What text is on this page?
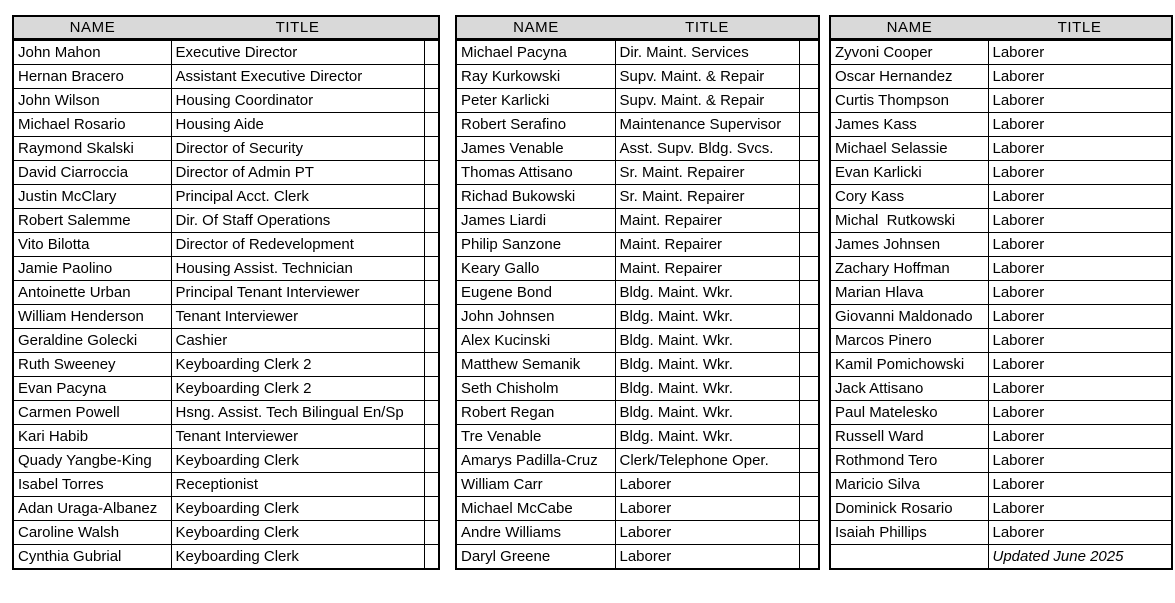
NAME	TITLE	
John Mahon	Executive Director	
Hernan Bracero	Assistant Executive Director	
John Wilson	Housing Coordinator	
Michael Rosario	Housing Aide	
Raymond Skalski	Director of Security	
David Ciarroccia	Director of Admin PT	
Justin McClary	Principal Acct. Clerk	
Robert Salemme	Dir. Of Staff Operations	
Vito Bilotta	Director of Redevelopment	
Jamie Paolino	Housing Assist. Technician	
Antoinette Urban	Principal Tenant Interviewer	
William Henderson	Tenant Interviewer	
Geraldine Golecki	Cashier	
Ruth Sweeney	Keyboarding Clerk 2	
Evan Pacyna	Keyboarding Clerk 2	
Carmen Powell	Hsng. Assist. Tech Bilingual En/Sp	
Kari Habib	Tenant Interviewer	
Quady Yangbe-King	Keyboarding Clerk	
Isabel Torres	Receptionist	
Adan Uraga-Albanez	Keyboarding Clerk	
Caroline Walsh	Keyboarding Clerk	
Cynthia Gubrial	Keyboarding Clerk	
NAME	TITLE	
Michael Pacyna	Dir. Maint. Services	
Ray Kurkowski	Supv. Maint. & Repair	
Peter Karlicki	Supv. Maint. & Repair	
Robert Serafino	Maintenance Supervisor	
James Venable	Asst. Supv. Bldg. Svcs.	
Thomas Attisano	Sr. Maint. Repairer	
Richad Bukowski	Sr. Maint. Repairer	
James Liardi	Maint. Repairer	
Philip Sanzone	Maint. Repairer	
Keary Gallo	Maint. Repairer	
Eugene Bond	Bldg. Maint. Wkr.	
John Johnsen	Bldg. Maint. Wkr.	
Alex Kucinski	Bldg. Maint. Wkr.	
Matthew Semanik	Bldg. Maint. Wkr.	
Seth Chisholm	Bldg. Maint. Wkr.	
Robert Regan	Bldg. Maint. Wkr.	
Tre Venable	Bldg. Maint. Wkr.	
Amarys Padilla-Cruz	Clerk/Telephone Oper.	
William Carr	Laborer	
Michael McCabe	Laborer	
Andre Williams	Laborer	
Daryl Greene	Laborer	
NAME	TITLE
Zyvoni Cooper	Laborer
Oscar Hernandez	Laborer
Curtis Thompson	Laborer
James Kass	Laborer
Michael Selassie	Laborer
Evan Karlicki	Laborer
Cory Kass	Laborer
Michal  Rutkowski	Laborer
James Johnsen	Laborer
Zachary Hoffman	Laborer
Marian Hlava	Laborer
Giovanni Maldonado	Laborer
Marcos Pinero	Laborer
Kamil Pomichowski	Laborer
Jack Attisano	Laborer
Paul Matelesko	Laborer
Russell Ward	Laborer
Rothmond Tero	Laborer
Maricio Silva	Laborer
Dominick Rosario	Laborer
Isaiah Phillips	Laborer
	Updated June 2025
